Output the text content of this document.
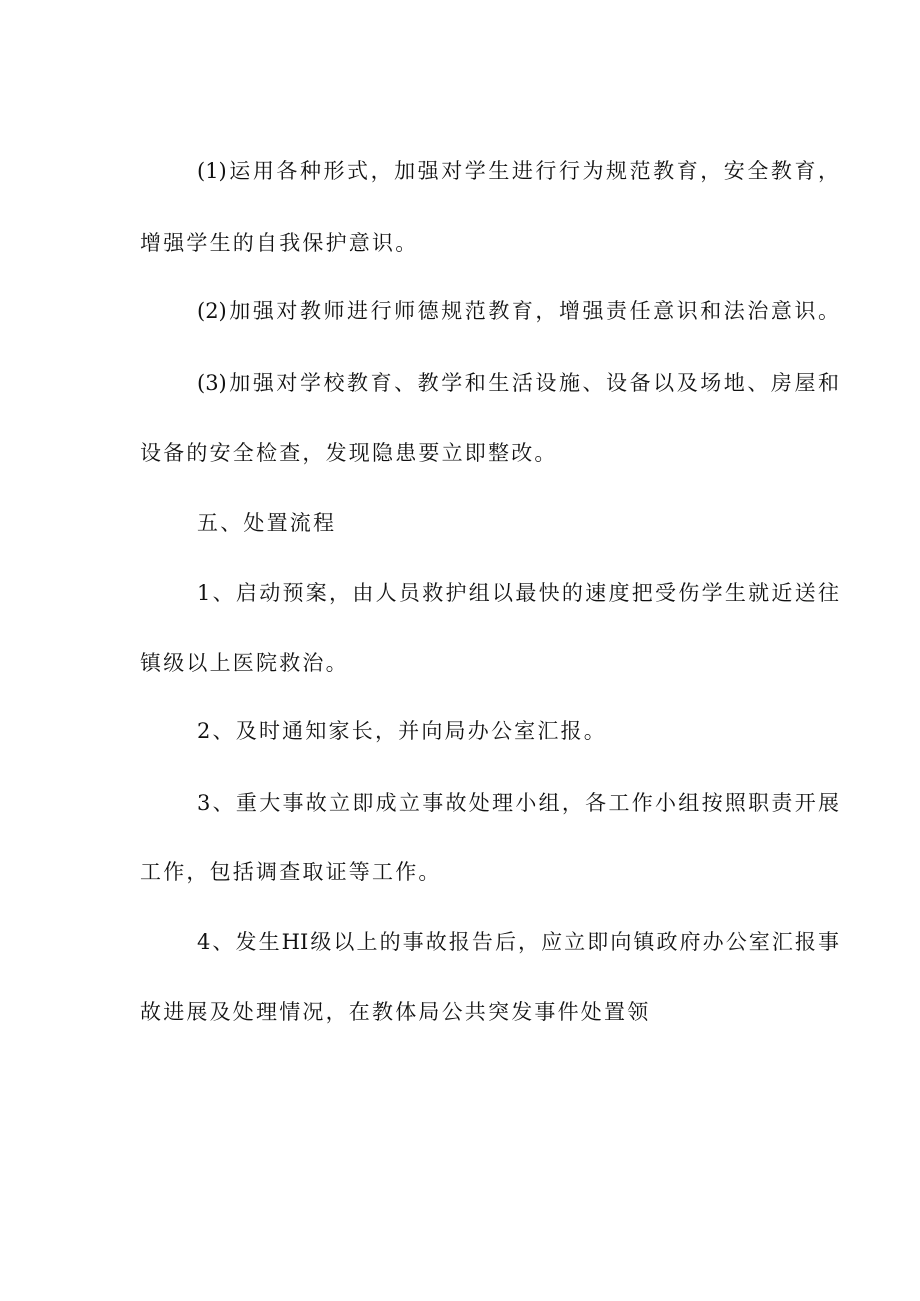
(1)运用各种形式，加强对学生进行行为规范教育，安全教育，
增强学生的自我保护意识。
(2)加强对教师进行师德规范教育，增强责任意识和法治意识。
(3)加强对学校教育、教学和生活设施、设备以及场地、房屋和
设备的安全检查，发现隐患要立即整改。
五、处置流程
1、启动预案，由人员救护组以最快的速度把受伤学生就近送往
镇级以上医院救治。
2、及时通知家长，并向局办公室汇报。
3、重大事故立即成立事故处理小组，各工作小组按照职责开展
工作，包括调查取证等工作。
4、发生HI级以上的事故报告后，应立即向镇政府办公室汇报事
故进展及处理情况，在教体局公共突发事件处置领
